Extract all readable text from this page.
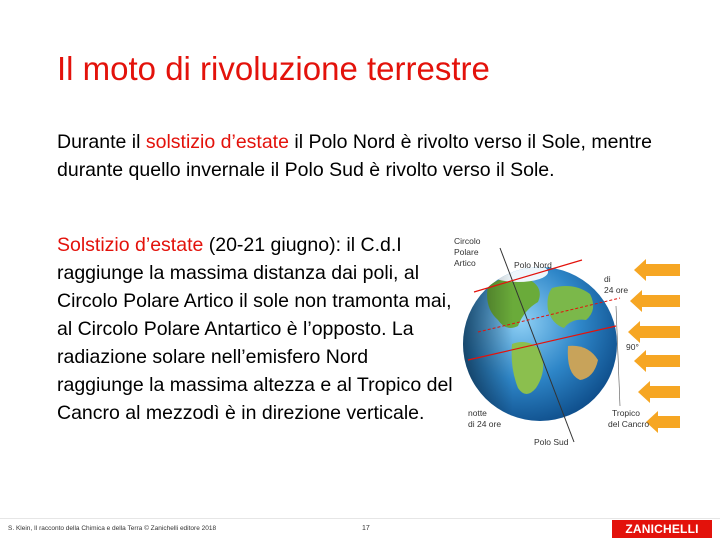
Il moto di rivoluzione terrestre

Durante il solstizio d’estate il Polo Nord è rivolto verso il Sole, mentre durante quello invernale il Polo Sud è rivolto verso il Sole.

Solstizio d’estate (20-21 giugno): il C.d.I raggiunge la massima distanza dai poli, al Circolo Polare Artico il sole non tramonta mai, al Circolo Polare Antartico è l’opposto. La radiazione solare nell’emisfero Nord raggiunge la massima altezza e al Tropico del Cancro al mezzodì è in direzione verticale.

Circolo
Polare
Artico	Polo Nord
di
24 ore
90°
notte
di 24 ore
Tropico
del Cancro
Polo Sud
S. Klein, Il racconto della Chimica e della Terra © Zanichelli editore 2018	17	ZANICHELLI
